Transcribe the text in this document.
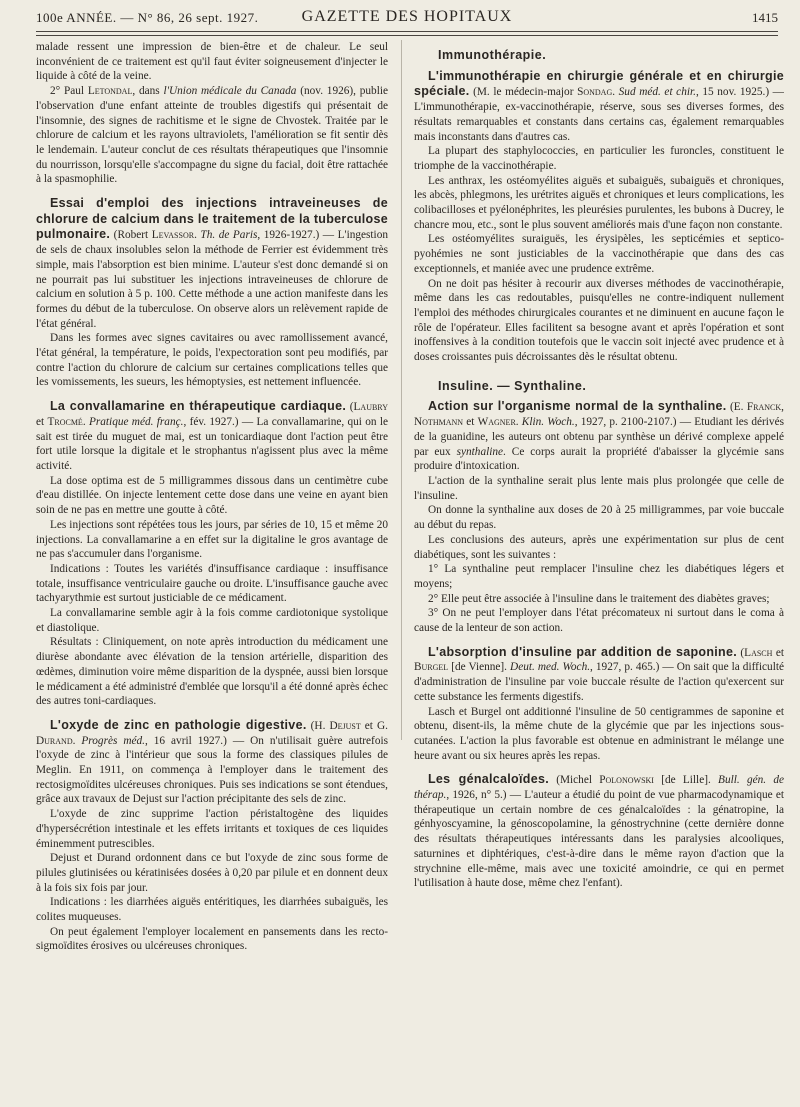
100e ANNÉE. — N° 86, 26 sept. 1927.	GAZETTE DES HOPITAUX	1415

malade ressent une impression de bien-être et de chaleur. Le seul inconvénient de ce traitement est qu'il faut éviter soigneusement d'injecter le liquide à côté de la veine.

2° Paul Letondal, dans l'Union médicale du Canada (nov. 1926), publie l'observation d'une enfant atteinte de troubles digestifs qui présentait de l'insomnie, des signes de rachitisme et le signe de Chvostek. Traitée par le chlorure de calcium et les rayons ultraviolets, l'amélioration se fit sentir dès le lendemain. L'auteur conclut de ces résultats thérapeutiques que l'insomnie du nourrisson, lorsqu'elle s'accompagne du signe du facial, doit être rattachée à la spasmophilie.

Essai d'emploi des injections intraveineuses de chlorure de calcium dans le traitement de la tuberculose pulmonaire. (Robert Levassor. Th. de Paris, 1926-1927.) — L'ingestion de sels de chaux insolubles selon la méthode de Ferrier est évidemment très simple, mais l'absorption est bien minime. L'auteur s'est donc demandé si on ne pourrait pas lui substituer les injections intraveineuses de chlorure de calcium en solution à 5 p. 100. Cette méthode a une action manifeste dans les formes du début de la tuberculose. On observe alors un relèvement rapide de l'état général.

Dans les formes avec signes cavitaires ou avec ramollissement avancé, l'état général, la température, le poids, l'expectoration sont peu modifiés, par contre l'action du chlorure de calcium sur certaines complications telles que les vomissements, les sueurs, les hémoptysies, est nettement influencée.

La convallamarine en thérapeutique cardiaque. (Laubry et Trocmé. Pratique méd. franç., fév. 1927.) — La convallamarine, qui on le sait est tirée du muguet de mai, est un tonicardiaque dont l'action peut être fort utile lorsque la digitale et le strophantus n'agissent plus avec la même activité.

La dose optima est de 5 milligrammes dissous dans un centimètre cube d'eau distillée. On injecte lentement cette dose dans une veine en ayant bien soin de ne pas en mettre une goutte à côté.

Les injections sont répétées tous les jours, par séries de 10, 15 et même 20 injections. La convallamarine a en effet sur la digitaline le gros avantage de ne pas s'accumuler dans l'organisme.

Indications : Toutes les variétés d'insuffisance cardiaque : insuffisance totale, insuffisance ventriculaire gauche ou droite. L'insuffisance gauche avec tachyarythmie est surtout justiciable de ce médicament.

La convallamarine semble agir à la fois comme cardiotonique systolique et diastolique.

Résultats : Cliniquement, on note après introduction du médicament une diurèse abondante avec élévation de la tension artérielle, disparition des œdèmes, diminution voire même disparition de la dyspnée, aussi bien lorsque le médicament a été administré d'emblée que lorsqu'il a été donné après échec des autres toni-cardiaques.

L'oxyde de zinc en pathologie digestive. (H. Dejust et G. Durand. Progrès méd., 16 avril 1927.) — On n'utilisait guère autrefois l'oxyde de zinc à l'intérieur que sous la forme des classiques pilules de Meglin. En 1911, on commença à l'employer dans le traitement des rectosigmoïdites ulcéreuses chroniques. Puis ses indications se sont étendues, grâce aux travaux de Dejust sur l'action précipitante des sels de zinc.

L'oxyde de zinc supprime l'action péristaltogène des liquides d'hypersécrétion intestinale et les effets irritants et toxiques de ces liquides éminemment putrescibles.

Dejust et Durand ordonnent dans ce but l'oxyde de zinc sous forme de pilules glutinisées ou kératinisées dosées à 0,20 par pilule et en donnent deux à la fois six fois par jour.

Indications : les diarrhées aiguës entéritiques, les diarrhées subaiguës, les colites muqueuses.

On peut également l'employer localement en pansements dans les recto-sigmoïdites érosives ou ulcéreuses chroniques.

Immunothérapie.

L'immunothérapie en chirurgie générale et en chirurgie spéciale. (M. le médecin-major Sondag. Sud méd. et chir., 15 nov. 1925.) — L'immunothérapie, ex-vaccinothérapie, réserve, sous ses diverses formes, des résultats remarquables et constants dans certains cas, également remarquables mais inconstants dans d'autres cas.

La plupart des staphylococcies, en particulier les furoncles, constituent le triomphe de la vaccinothérapie.

Les anthrax, les ostéomyélites aiguës et subaiguës, subaiguës et chroniques, les abcès, phlegmons, les urétrites aiguës et chroniques et leurs complications, les colibacilloses et pyélonéphrites, les pleurésies purulentes, les bubons à Ducrey, le chancre mou, etc., sont le plus souvent améliorés mais d'une façon non constante.

Les ostéomyélites suraiguës, les érysipèles, les septicémies et septico-pyohémies ne sont justiciables de la vaccinothérapie que dans des cas exceptionnels, et maniée avec une prudence extrême.

On ne doit pas hésiter à recourir aux diverses méthodes de vaccinothérapie, même dans les cas redoutables, puisqu'elles ne contre-indiquent nullement l'emploi des méthodes chirurgicales courantes et ne diminuent en aucune façon le rôle de l'opérateur. Elles facilitent sa besogne avant et après l'opération et sont inoffensives à la condition toutefois que le vaccin soit injecté avec prudence et à doses croissantes puis décroissantes dès le résultat obtenu.

Insuline. — Synthaline.

Action sur l'organisme normal de la synthaline. (E. Franck, Nothmann et Wagner. Klin. Woch., 1927, p. 2100-2107.) — Etudiant les dérivés de la guanidine, les auteurs ont obtenu par synthèse un dérivé complexe appelé par eux synthaline. Ce corps aurait la propriété d'abaisser la glycémie sans produire d'intoxication.

L'action de la synthaline serait plus lente mais plus prolongée que celle de l'insuline.

On donne la synthaline aux doses de 20 à 25 milligrammes, par voie buccale au début du repas.

Les conclusions des auteurs, après une expérimentation sur plus de cent diabétiques, sont les suivantes :

1° La synthaline peut remplacer l'insuline chez les diabétiques légers et moyens;

2° Elle peut être associée à l'insuline dans le traitement des diabètes graves;

3° On ne peut l'employer dans l'état précomateux ni surtout dans le coma à cause de la lenteur de son action.

L'absorption d'insuline par addition de saponine. (Lasch et Burgel [de Vienne]. Deut. med. Woch., 1927, p. 465.) — On sait que la difficulté d'administration de l'insuline par voie buccale résulte de l'action qu'exercent sur cette substance les ferments digestifs.

Lasch et Burgel ont additionné l'insuline de 50 centigrammes de saponine et obtenu, disent-ils, la même chute de la glycémie que par les injections sous-cutanées. L'action la plus favorable est obtenue en administrant le mélange une heure avant ou six heures après les repas.

Les génalcaloïdes. (Michel Polonowski [de Lille]. Bull. gén. de thérap., 1926, n° 5.) — L'auteur a étudié du point de vue pharmacodynamique et thérapeutique un certain nombre de ces génalcaloïdes : la génatropine, la génhyoscyamine, la génoscopolamine, la génostrychnine (cette dernière donne des résultats thérapeutiques intéressants dans les paralysies alcooliques, saturnines et diphtériques, c'est-à-dire dans le même rayon d'action que la strychnine elle-même, mais avec une toxicité amoindrie, ce qui en permet l'utilisation à haute dose, même chez l'enfant).
